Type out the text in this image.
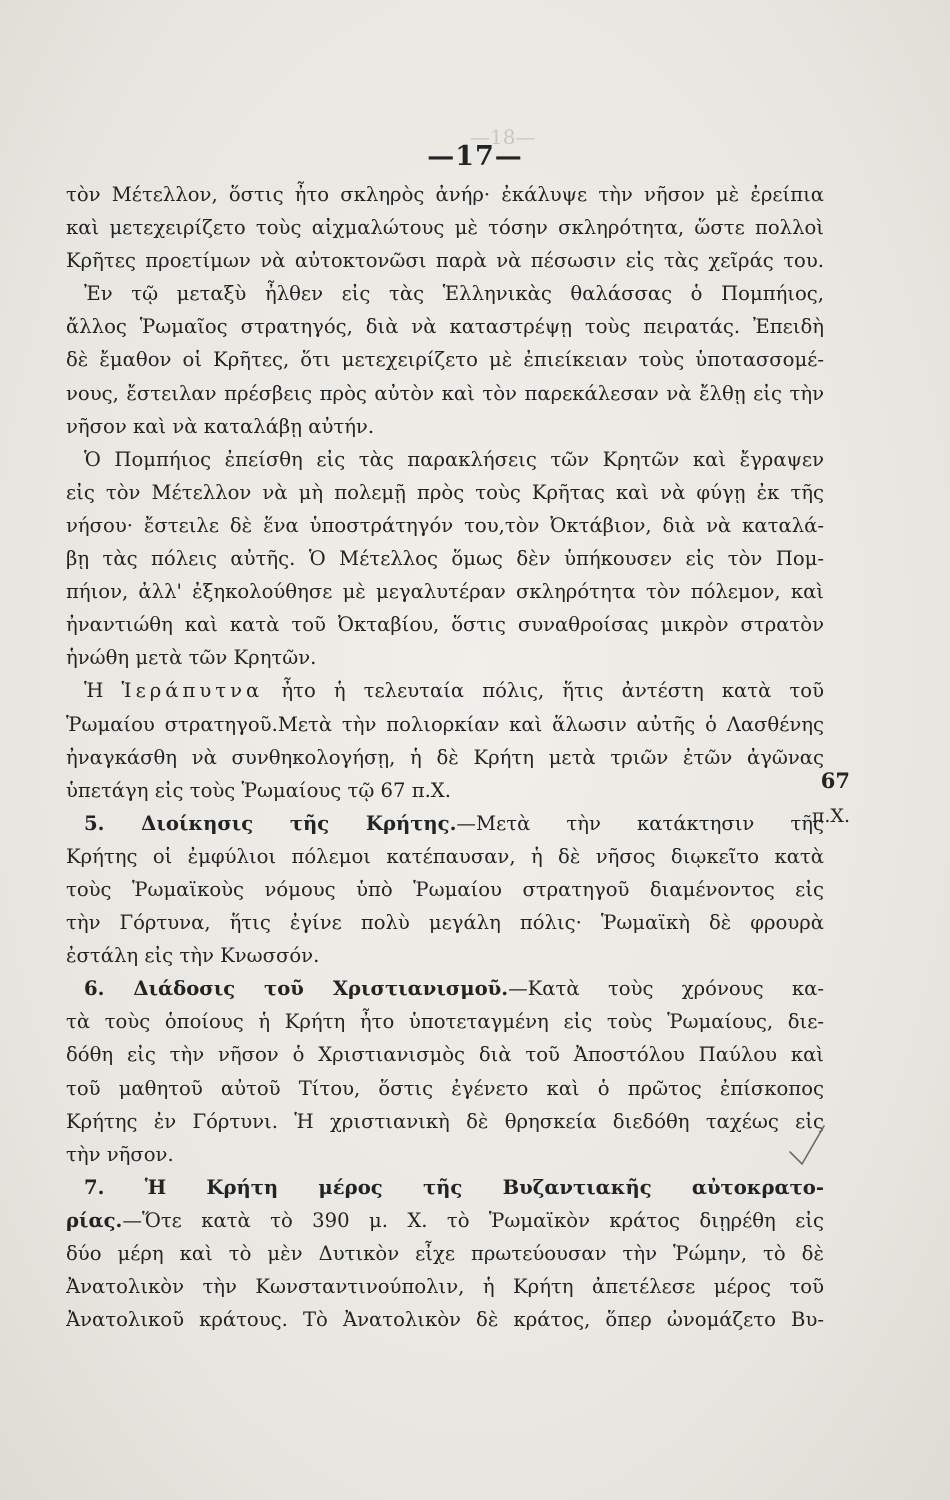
—18—
—17—
τὸν Μέτελλον, ὅστις ἦτο σκληρὸς ἀνήρ· ἐκάλυψε τὴν νῆσον μὲ ἐρείπια
καὶ μετεχειρίζετο τοὺς αἰχμαλώτους μὲ τόσην σκληρότητα, ὥστε πολλοὶ
Κρῆτες προετίμων νὰ αὐτοκτονῶσι παρὰ νὰ πέσωσιν εἰς τὰς χεῖράς του.
Ἐν τῷ μεταξὺ ἦλθεν εἰς τὰς Ἑλληνικὰς θαλάσσας ὁ Πομπήιος,
ἄλλος Ῥωμαῖος στρατηγός, διὰ νὰ καταστρέψῃ τοὺς πειρατάς. Ἐπειδὴ
δὲ ἔμαθον οἱ Κρῆτες, ὅτι μετεχειρίζετο μὲ ἐπιείκειαν τοὺς ὑποτασσομέ-
νους, ἔστειλαν πρέσβεις πρὸς αὐτὸν καὶ τὸν παρεκάλεσαν νὰ ἔλθῃ εἰς τὴν
νῆσον καὶ νὰ καταλάβῃ αὐτήν.
Ὁ Πομπήιος ἐπείσθη εἰς τὰς παρακλήσεις τῶν Κρητῶν καὶ ἔγραψεν
εἰς τὸν Μέτελλον νὰ μὴ πολεμῇ πρὸς τοὺς Κρῆτας καὶ νὰ φύγῃ ἐκ τῆς
νήσου· ἔστειλε δὲ ἕνα ὑποστράτηγόν του,τὸν Ὀκτάβιον, διὰ νὰ καταλά-
βῃ τὰς πόλεις αὐτῆς. Ὁ Μέτελλος ὅμως δὲν ὑπήκουσεν εἰς τὸν Πομ-
πήιον, ἀλλ' ἐξηκολούθησε μὲ μεγαλυτέραν σκληρότητα τὸν πόλεμον, καὶ
ἠναντιώθη καὶ κατὰ τοῦ Ὀκταβίου, ὅστις συναθροίσας μικρὸν στρατὸν
ἡνώθη μετὰ τῶν Κρητῶν.
Ἡ Ἱεράπυτνα ἦτο ἡ τελευταία πόλις, ἥτις ἀντέστη κατὰ τοῦ
Ῥωμαίου στρατηγοῦ.Μετὰ τὴν πολιορκίαν καὶ ἅλωσιν αὐτῆς ὁ Λασθένης
ἠναγκάσθη νὰ συνθηκολογήσῃ, ἡ δὲ Κρήτη μετὰ τριῶν ἐτῶν ἀγῶνας
ὑπετάγη εἰς τοὺς Ῥωμαίους τῷ 67 π.Χ.
5. Διοίκησις τῆς Κρήτης.—Μετὰ τὴν κατάκτησιν τῆς
Κρήτης οἱ ἐμφύλιοι πόλεμοι κατέπαυσαν, ἡ δὲ νῆσος διῳκεῖτο κατὰ
τοὺς Ῥωμαϊκοὺς νόμους ὑπὸ Ῥωμαίου στρατηγοῦ διαμένοντος εἰς
τὴν Γόρτυνα, ἥτις ἐγίνε πολὺ μεγάλη πόλις· Ῥωμαϊκὴ δὲ φρουρὰ
ἐστάλη εἰς τὴν Κνωσσόν.
6. Διάδοσις τοῦ Χριστιανισμοῦ.—Κατὰ τοὺς χρόνους κα-
τὰ τοὺς ὁποίους ἡ Κρήτη ἦτο ὑποτεταγμένη εἰς τοὺς Ῥωμαίους, διε-
δόθη εἰς τὴν νῆσον ὁ Χριστιανισμὸς διὰ τοῦ Ἀποστόλου Παύλου καὶ
τοῦ μαθητοῦ αὐτοῦ Τίτου, ὅστις ἐγένετο καὶ ὁ πρῶτος ἐπίσκοπος
Κρήτης ἐν Γόρτυνι. Ἡ χριστιανικὴ δὲ θρησκεία διεδόθη ταχέως εἰς
τὴν νῆσον.
7. Ἡ Κρήτη μέρος τῆς Βυζαντιακῆς αὐτοκρατο-
ρίας.—Ὅτε κατὰ τὸ 390 μ. Χ. τὸ Ῥωμαϊκὸν κράτος διῃρέθη εἰς
δύο μέρη καὶ τὸ μὲν Δυτικὸν εἶχε πρωτεύουσαν τὴν Ῥώμην, τὸ δὲ
Ἀνατολικὸν τὴν Κωνσταντινούπολιν, ἡ Κρήτη ἀπετέλεσε μέρος τοῦ
Ἀνατολικοῦ κράτους. Τὸ Ἀνατολικὸν δὲ κράτος, ὅπερ ὠνομάζετο Βυ-
67
π.Χ.
